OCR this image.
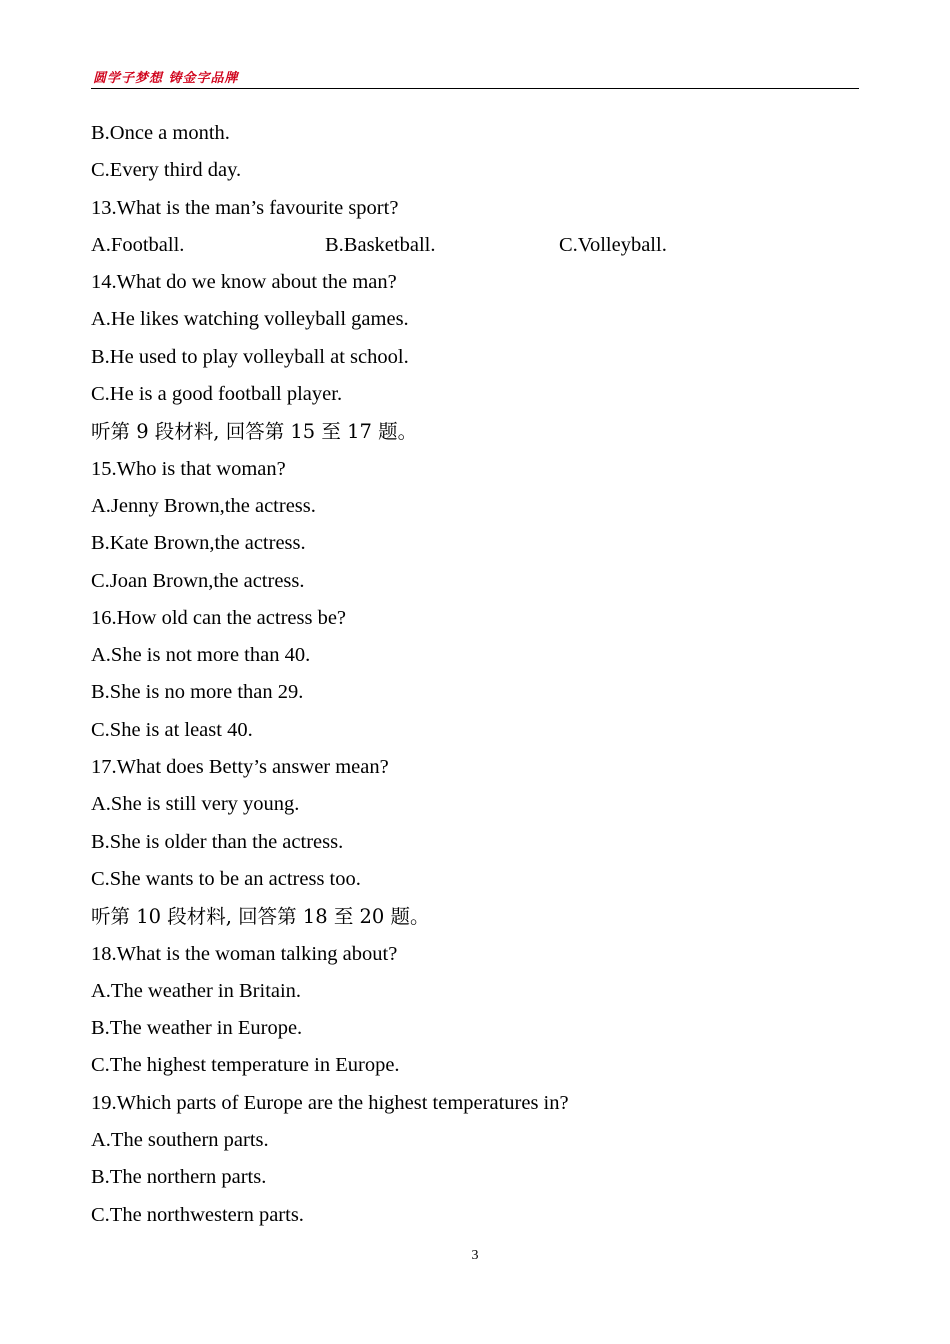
圆学子梦想 铸金字品牌
B.Once a month.
C.Every third day.
13.What is the man’s favourite sport?
A.Football.	B.Basketball.	C.Volleyball.
14.What do we know about the man?
A.He likes watching volleyball games.
B.He used to play volleyball at school.
C.He is a good football player.
听第 9 段材料, 回答第 15 至 17 题。
15.Who is that woman?
A.Jenny Brown,the actress.
B.Kate Brown,the actress.
C.Joan Brown,the actress.
16.How old can the actress be?
A.She is not more than 40.
B.She is no more than 29.
C.She is at least 40.
17.What does Betty’s answer mean?
A.She is still very young.
B.She is older than the actress.
C.She wants to be an actress too.
听第 10 段材料, 回答第 18 至 20 题。
18.What is the woman talking about?
A.The weather in Britain.
B.The weather in Europe.
C.The highest temperature in Europe.
19.Which parts of Europe are the highest temperatures in?
A.The southern parts.
B.The northern parts.
C.The northwestern parts.
3
